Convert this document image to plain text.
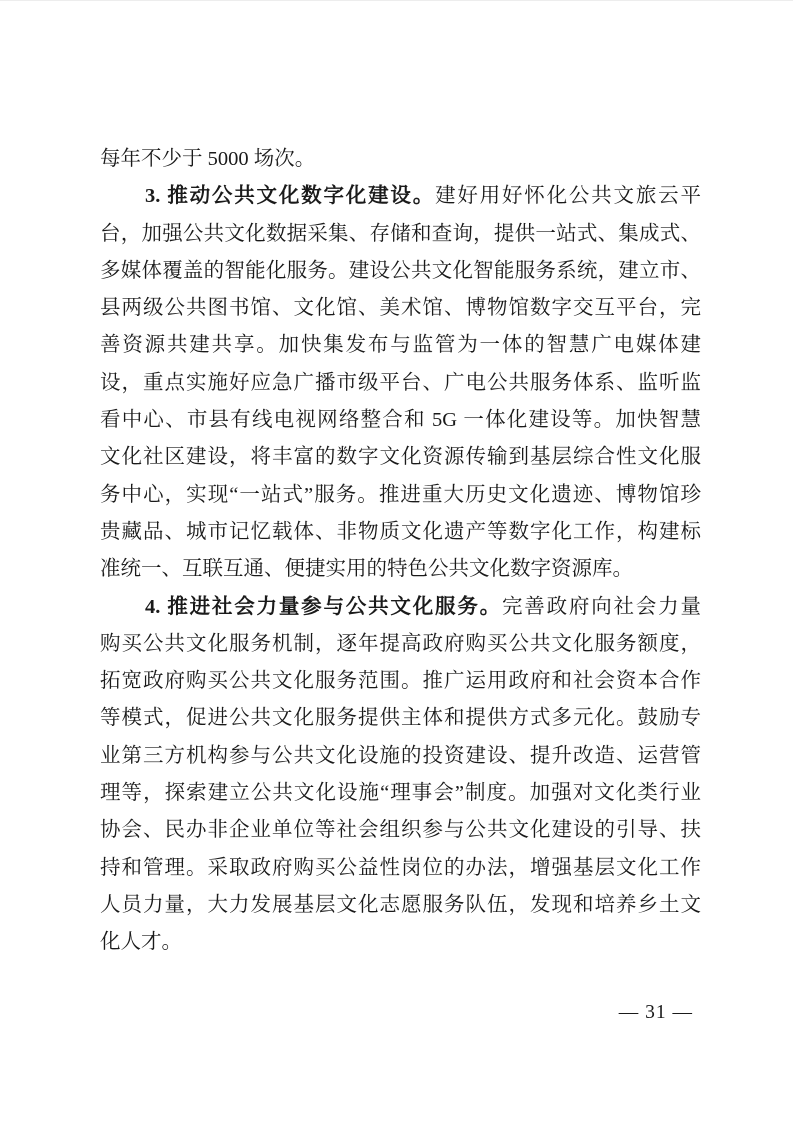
每年不少于 5000 场次。
3. 推动公共文化数字化建设。建好用好怀化公共文旅云平
台，加强公共文化数据采集、存储和查询，提供一站式、集成式、
多媒体覆盖的智能化服务。建设公共文化智能服务系统，建立市、
县两级公共图书馆、文化馆、美术馆、博物馆数字交互平台，完
善资源共建共享。加快集发布与监管为一体的智慧广电媒体建
设，重点实施好应急广播市级平台、广电公共服务体系、监听监
看中心、市县有线电视网络整合和 5G 一体化建设等。加快智慧
文化社区建设，将丰富的数字文化资源传输到基层综合性文化服
务中心，实现“一站式”服务。推进重大历史文化遗迹、博物馆珍
贵藏品、城市记忆载体、非物质文化遗产等数字化工作，构建标
准统一、互联互通、便捷实用的特色公共文化数字资源库。
4. 推进社会力量参与公共文化服务。完善政府向社会力量
购买公共文化服务机制，逐年提高政府购买公共文化服务额度，
拓宽政府购买公共文化服务范围。推广运用政府和社会资本合作
等模式，促进公共文化服务提供主体和提供方式多元化。鼓励专
业第三方机构参与公共文化设施的投资建设、提升改造、运营管
理等，探索建立公共文化设施“理事会”制度。加强对文化类行业
协会、民办非企业单位等社会组织参与公共文化建设的引导、扶
持和管理。采取政府购买公益性岗位的办法，增强基层文化工作
人员力量，大力发展基层文化志愿服务队伍，发现和培养乡土文
化人才。
— 31 —
